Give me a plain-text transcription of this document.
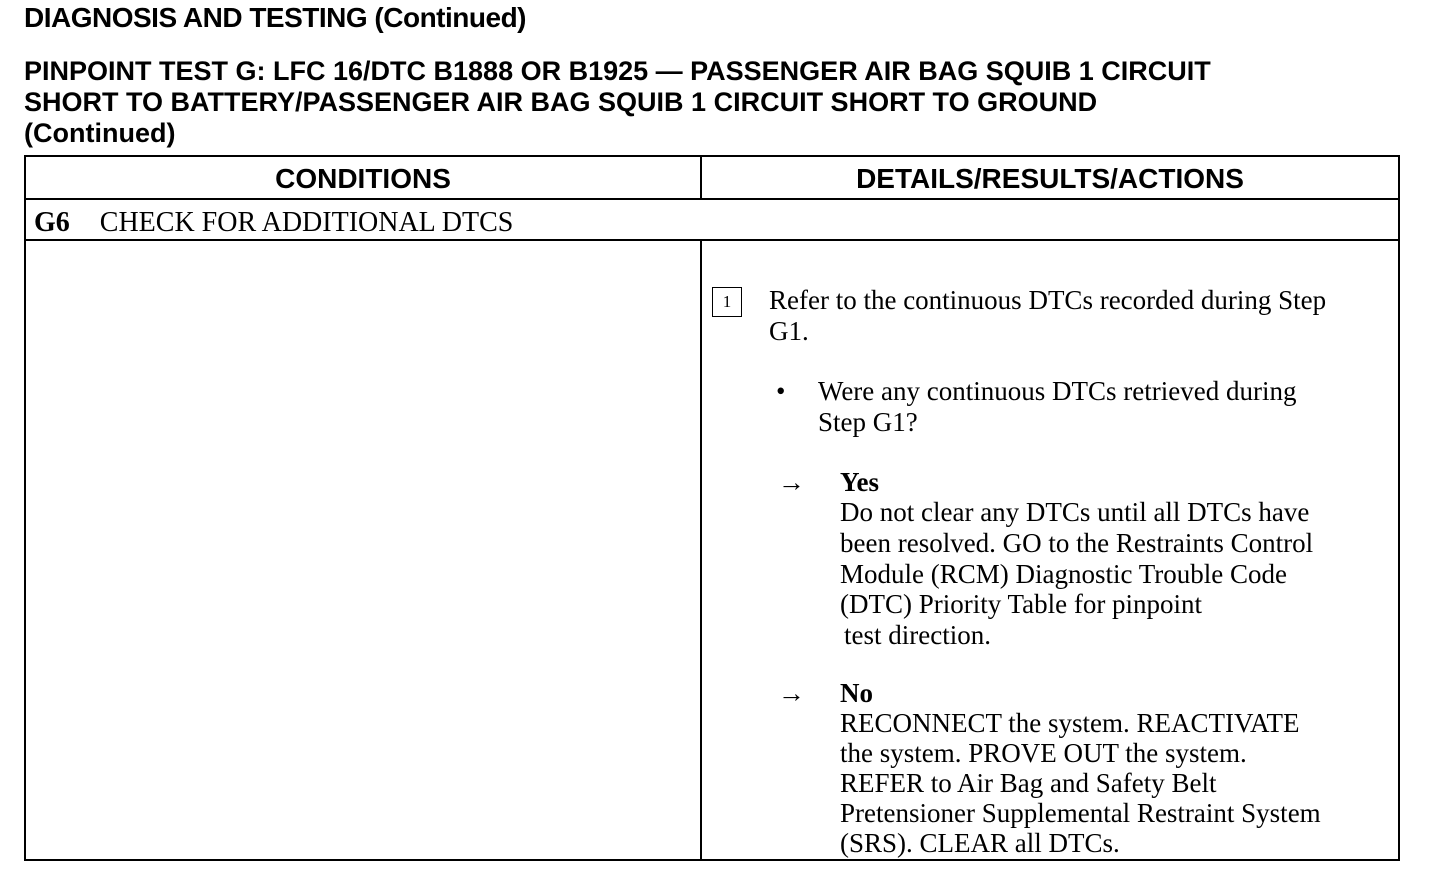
DIAGNOSIS AND TESTING (Continued)
PINPOINT TEST G: LFC 16/DTC B1888 OR B1925 — PASSENGER AIR BAG SQUIB 1 CIRCUIT
SHORT TO BATTERY/PASSENGER AIR BAG SQUIB 1 CIRCUIT SHORT TO GROUND
(Continued)
CONDITIONS	DETAILS/RESULTS/ACTIONS
G6 CHECK FOR ADDITIONAL DTCS
1	Refer to the continuous DTCs recorded during Step
G1.
• Were any continuous DTCs retrieved during
Step G1?
→ Yes
Do not clear any DTCs until all DTCs have
been resolved. GO to the Restraints Control
Module (RCM) Diagnostic Trouble Code
(DTC) Priority Table for pinpoint
test direction.
→ No
RECONNECT the system. REACTIVATE
the system. PROVE OUT the system.
REFER to Air Bag and Safety Belt
Pretensioner Supplemental Restraint System
(SRS). CLEAR all DTCs.
